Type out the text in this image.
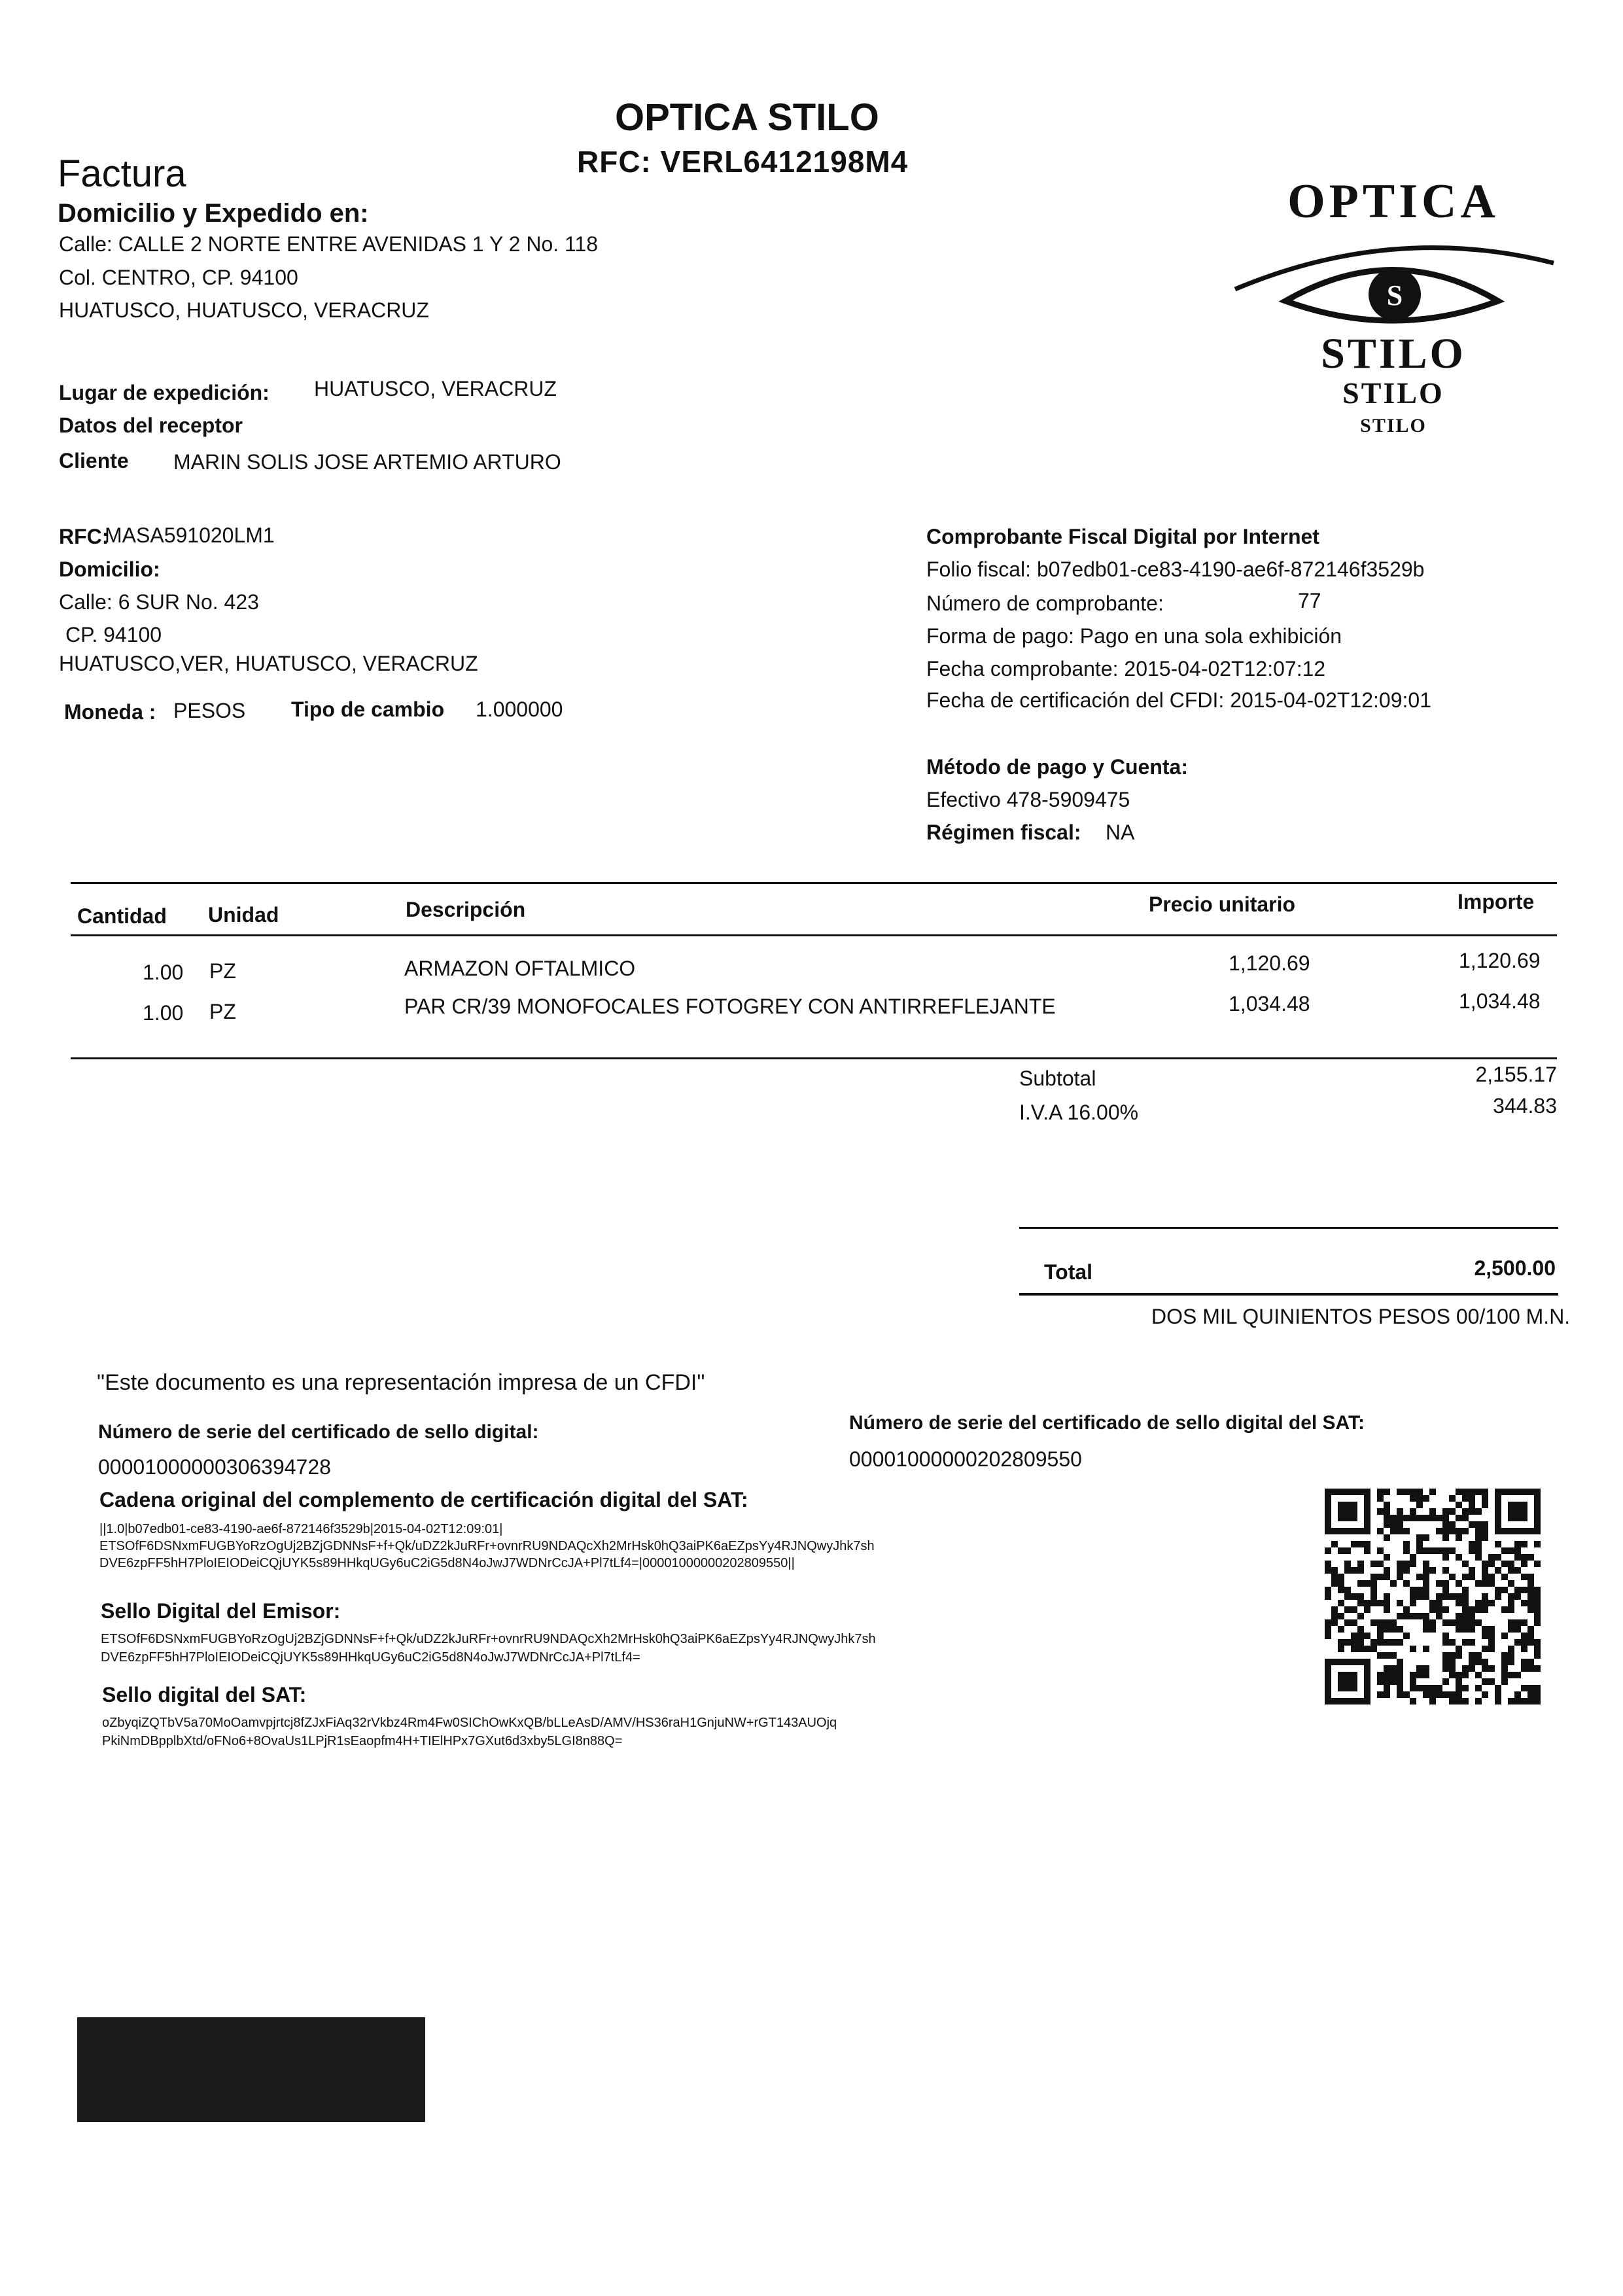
OPTICA STILO
RFC: VERL6412198M4
Factura
OPTICA
S
STILO
STILO
STILO
Domicilio y Expedido en:
Calle: CALLE 2 NORTE ENTRE AVENIDAS 1 Y 2 No. 118
Col. CENTRO, CP. 94100
HUATUSCO, HUATUSCO, VERACRUZ
Lugar de expedición: HUATUSCO, VERACRUZ
Datos del receptor
Cliente MARIN SOLIS JOSE ARTEMIO ARTURO
RFC:
MASA591020LM1
Domicilio:
Calle: 6 SUR No. 423
CP. 94100
HUATUSCO,VER, HUATUSCO, VERACRUZ
Moneda : PESOS Tipo de cambio 1.000000
Comprobante Fiscal Digital por Internet
Folio fiscal: b07edb01-ce83-4190-ae6f-872146f3529b
Número de comprobante:	77
Forma de pago: Pago en una sola exhibición
Fecha comprobante: 2015-04-02T12:07:12
Fecha de certificación del CFDI: 2015-04-02T12:09:01
Método de pago y Cuenta:
Efectivo 478-5909475
Régimen fiscal: NA
Cantidad Unidad	Descripción	Precio unitario	Importe
1.00 PZ	ARMAZON OFTALMICO	1,120.69	1,120.69
1.00 PZ	PAR CR/39 MONOFOCALES FOTOGREY CON ANTIRREFLEJANTE	1,034.48	1,034.48
Subtotal	2,155.17
I.V.A 16.00%	344.83
Total	2,500.00
DOS MIL QUINIENTOS PESOS 00/100 M.N.
"Este documento es una representación impresa de un CFDI"
Número de serie del certificado de sello digital:
00001000000306394728
Número de serie del certificado de sello digital del SAT:
00001000000202809550
Cadena original del complemento de certificación digital del SAT:
||1.0|b07edb01-ce83-4190-ae6f-872146f3529b|2015-04-02T12:09:01|
ETSOfF6DSNxmFUGBYoRzOgUj2BZjGDNNsF+f+Qk/uDZ2kJuRFr+ovnrRU9NDAQcXh2MrHsk0hQ3aiPK6aEZpsYy4RJNQwyJhk7sh
DVE6zpFF5hH7PloIEIODeiCQjUYK5s89HHkqUGy6uC2iG5d8N4oJwJ7WDNrCcJA+Pl7tLf4=|00001000000202809550||
Sello Digital del Emisor:
ETSOfF6DSNxmFUGBYoRzOgUj2BZjGDNNsF+f+Qk/uDZ2kJuRFr+ovnrRU9NDAQcXh2MrHsk0hQ3aiPK6aEZpsYy4RJNQwyJhk7sh
DVE6zpFF5hH7PloIEIODeiCQjUYK5s89HHkqUGy6uC2iG5d8N4oJwJ7WDNrCcJA+Pl7tLf4=
Sello digital del SAT:
oZbyqiZQTbV5a70MoOamvpjrtcj8fZJxFiAq32rVkbz4Rm4Fw0SIChOwKxQB/bLLeAsD/AMV/HS36raH1GnjuNW+rGT143AUOjq
PkiNmDBpplbXtd/oFNo6+8OvaUs1LPjR1sEaopfm4H+TIElHPx7GXut6d3xby5LGI8n88Q=
